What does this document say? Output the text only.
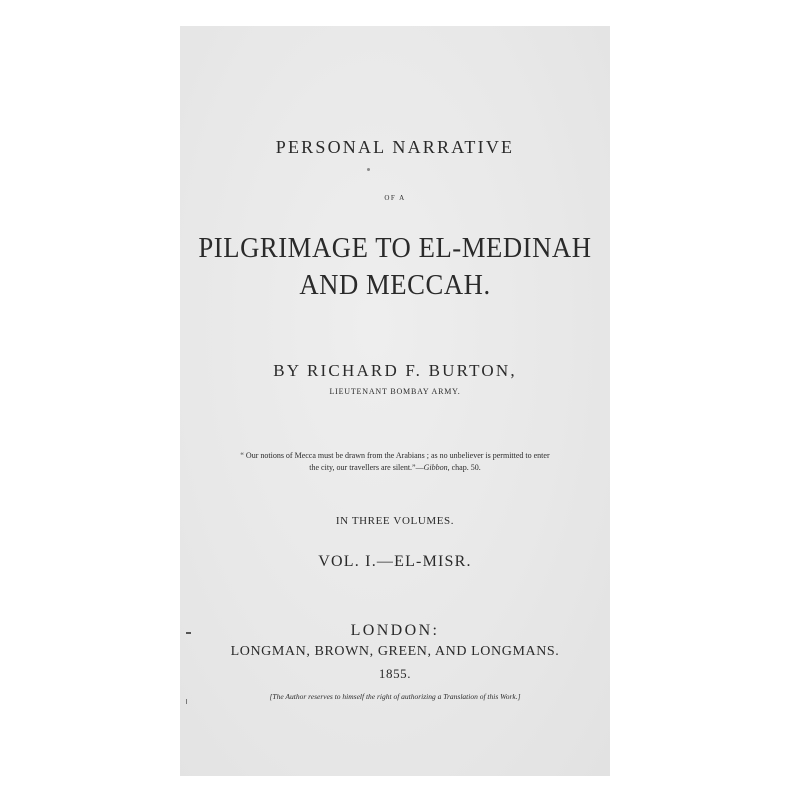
PERSONAL NARRATIVE
OF A
PILGRIMAGE TO EL-MEDINAH
AND MECCAH.
BY RICHARD F. BURTON,
LIEUTENANT BOMBAY ARMY.
“ Our notions of Mecca must be drawn from the Arabians ; as no unbeliever is permitted to enter
the city, our travellers are silent.”—Gibbon, chap. 50.
IN THREE VOLUMES.
VOL. I.—EL-MISR.
LONDON:
LONGMAN, BROWN, GREEN, AND LONGMANS.
1855.
[The Author reserves to himself the right of authorizing a Translation of this Work.]
